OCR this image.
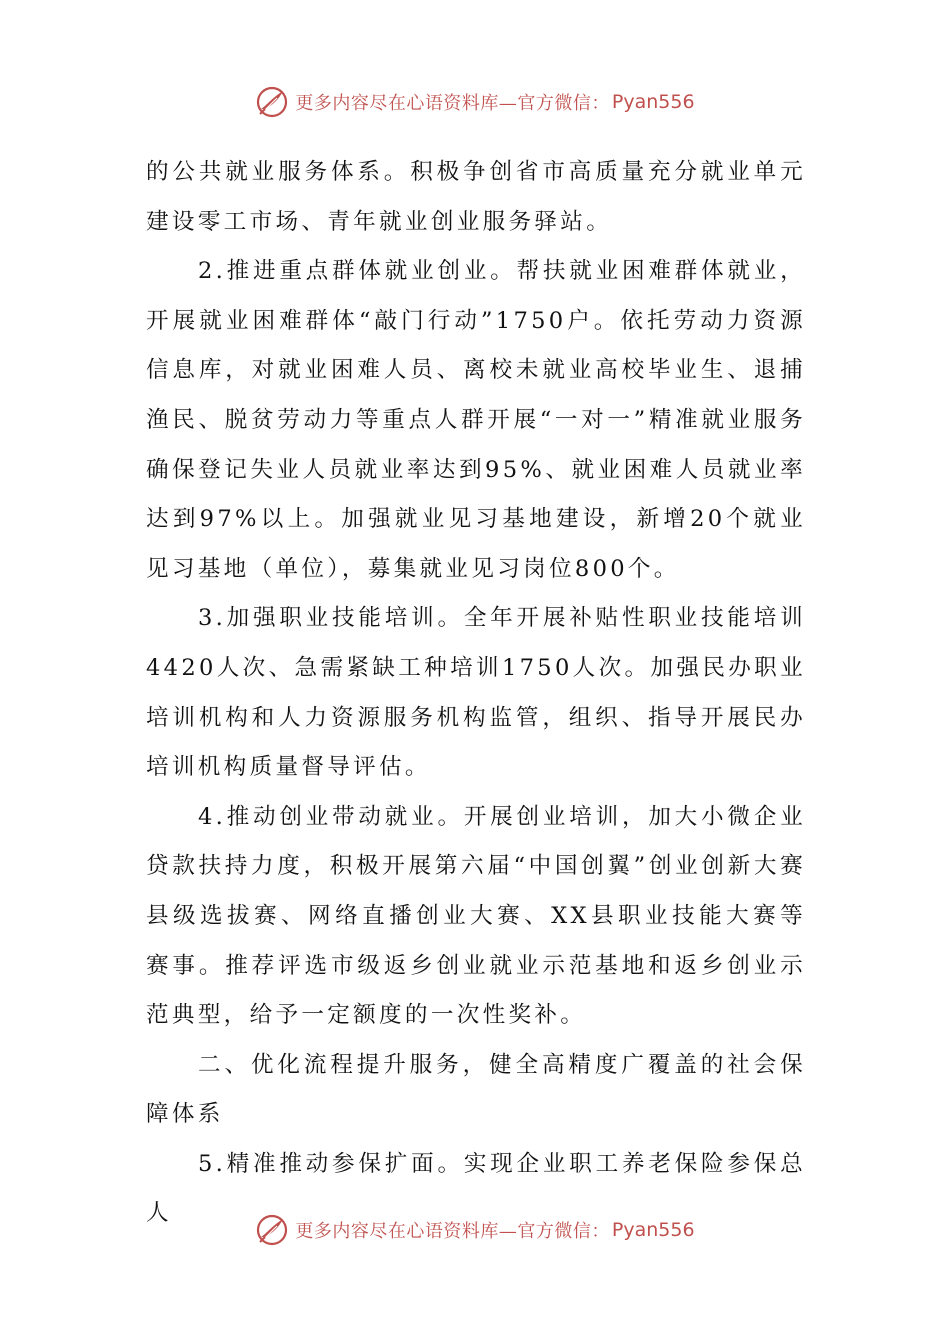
更多内容尽在心语资料库—官方微信： Pyan556

的公共就业服务体系。积极争创省市高质量充分就业单元建设零工市场、青年就业创业服务驿站。

2.推进重点群体就业创业。帮扶就业困难群体就业，开展就业困难群体“敲门行动”1750户。依托劳动力资源信息库，对就业困难人员、离校未就业高校毕业生、退捕渔民、脱贫劳动力等重点人群开展“一对一”精准就业服务确保登记失业人员就业率达到95%、就业困难人员就业率达到97%以上。加强就业见习基地建设，新增20个就业见习基地（单位），募集就业见习岗位800个。

3.加强职业技能培训。全年开展补贴性职业技能培训4420人次、急需紧缺工种培训1750人次。加强民办职业培训机构和人力资源服务机构监管，组织、指导开展民办培训机构质量督导评估。

4.推动创业带动就业。开展创业培训，加大小微企业贷款扶持力度，积极开展第六届“中国创翼”创业创新大赛县级选拔赛、网络直播创业大赛、XX县职业技能大赛等赛事。推荐评选市级返乡创业就业示范基地和返乡创业示范典型，给予一定额度的一次性奖补。

二、优化流程提升服务，健全高精度广覆盖的社会保障体系

5.精准推动参保扩面。实现企业职工养老保险参保总人

更多内容尽在心语资料库—官方微信： Pyan556
